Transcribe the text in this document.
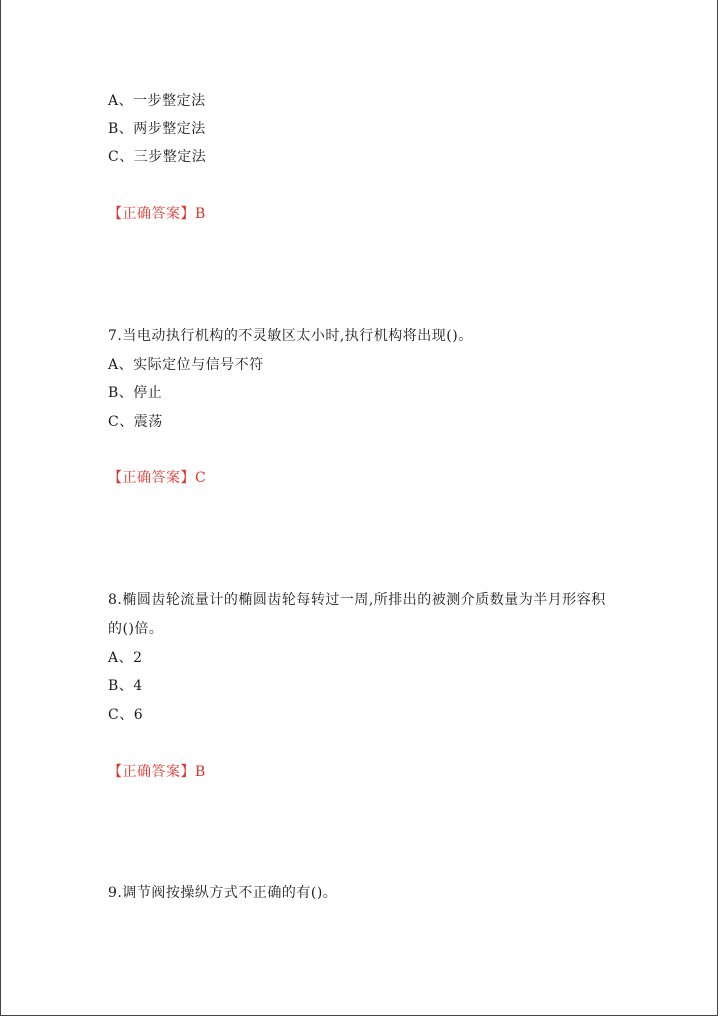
A、一步整定法
B、两步整定法
C、三步整定法
【正确答案】B
7.当电动执行机构的不灵敏区太小时,执行机构将出现()。
A、实际定位与信号不符
B、停止
C、震荡
【正确答案】C
8.椭圆齿轮流量计的椭圆齿轮每转过一周,所排出的被测介质数量为半月形容积
的()倍。
A、2
B、4
C、6
【正确答案】B
9.调节阀按操纵方式不正确的有()。
